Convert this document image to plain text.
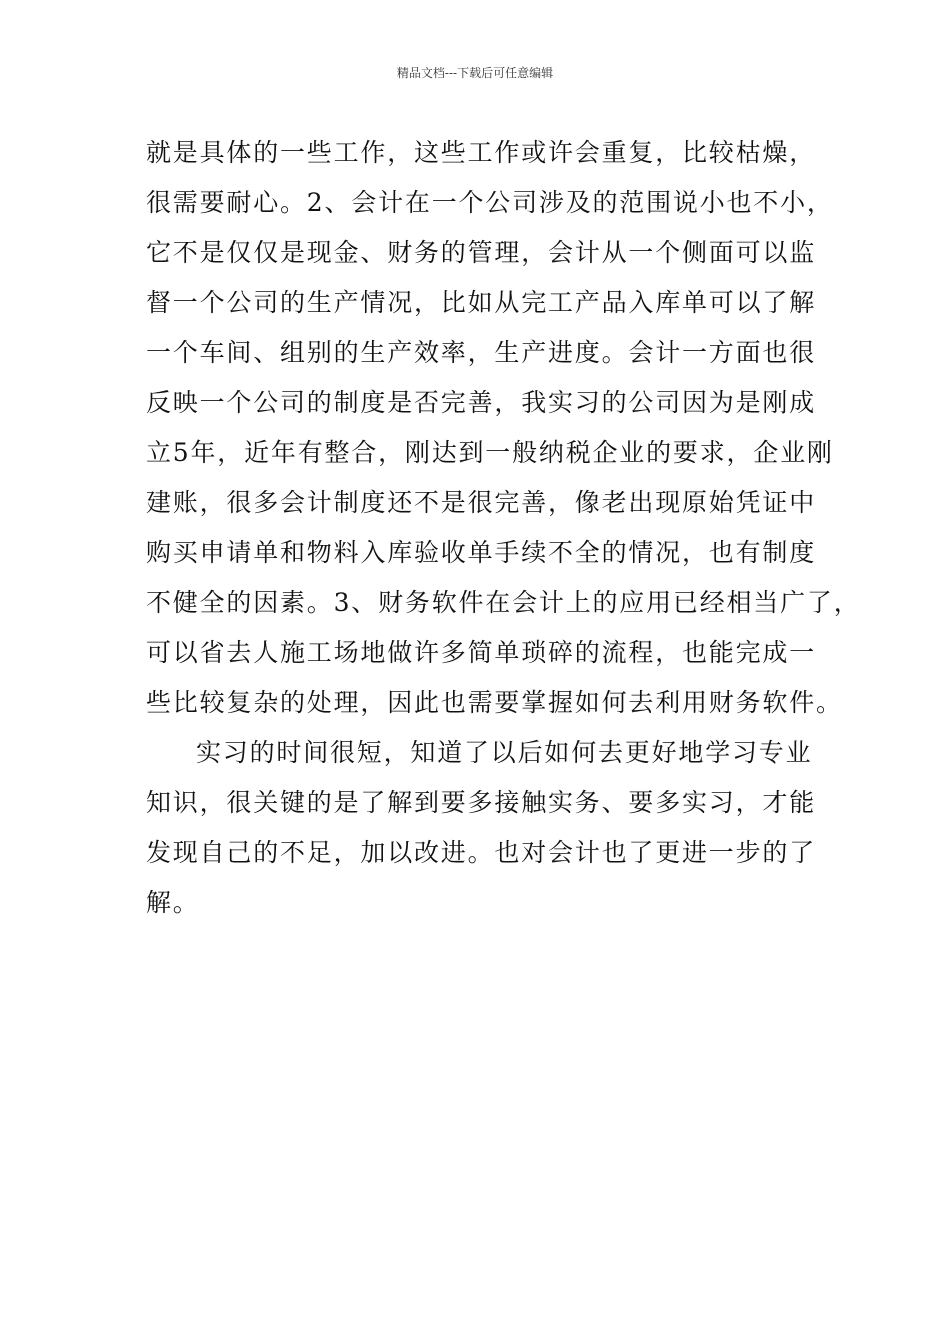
精品文档---下载后可任意编辑
就是具体的一些工作，这些工作或许会重复，比较枯燥，
很需要耐心。2、会计在一个公司涉及的范围说小也不小，
它不是仅仅是现金、财务的管理，会计从一个侧面可以监
督一个公司的生产情况，比如从完工产品入库单可以了解
一个车间、组别的生产效率，生产进度。会计一方面也很
反映一个公司的制度是否完善，我实习的公司因为是刚成
立5年，近年有整合，刚达到一般纳税企业的要求，企业刚
建账，很多会计制度还不是很完善，像老出现原始凭证中
购买申请单和物料入库验收单手续不全的情况，也有制度
不健全的因素。3、财务软件在会计上的应用已经相当广了，
可以省去人施工场地做许多简单琐碎的流程，也能完成一
些比较复杂的处理，因此也需要掌握如何去利用财务软件。
实习的时间很短，知道了以后如何去更好地学习专业
知识，很关键的是了解到要多接触实务、要多实习，才能
发现自己的不足，加以改进。也对会计也了更进一步的了
解。
